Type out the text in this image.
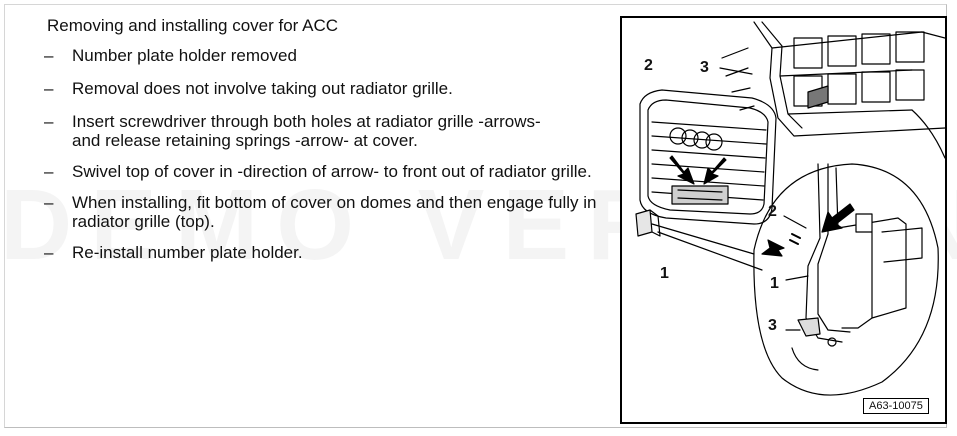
Removing and installing cover for ACC
– Number plate holder removed
– Removal does not involve taking out radiator grille.
– Insert screwdriver through both holes at radiator grille -arrows- and release retaining springs -arrow- at cover.
– Swivel top of cover in -direction of arrow- to front out of radiator grille.
– When installing, fit bottom of cover on domes and then engage fully in radiator grille (top).
– Re-install number plate holder.
2	3
1
2
1
3
A63-10075
